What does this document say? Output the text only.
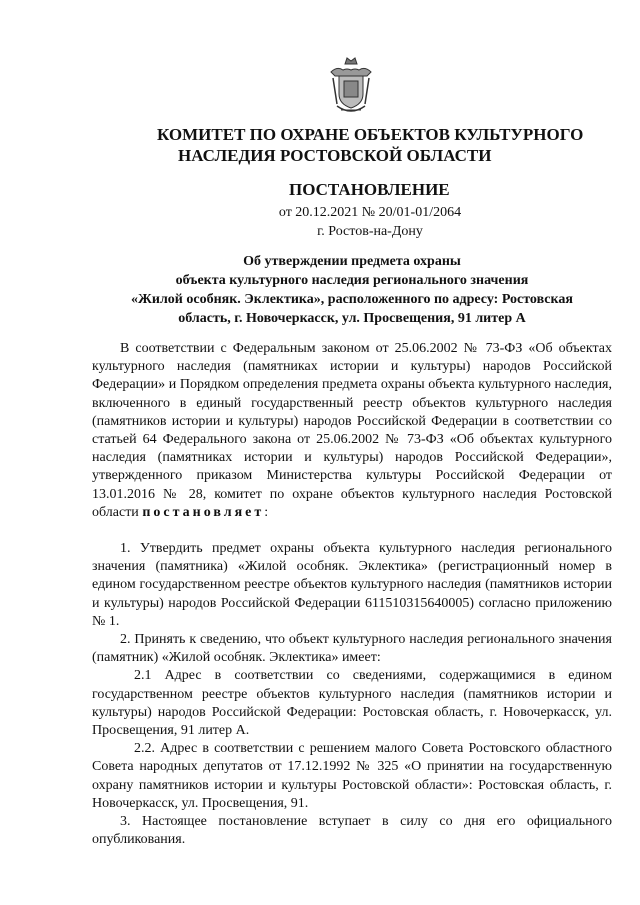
КОМИТЕТ ПО ОХРАНЕ ОБЪЕКТОВ КУЛЬТУРНОГО
НАСЛЕДИЯ РОСТОВСКОЙ ОБЛАСТИ
ПОСТАНОВЛЕНИЕ
от 20.12.2021 № 20/01-01/2064
г. Ростов-на-Дону
Об утверждении предмета охраны
объекта культурного наследия регионального значения
«Жилой особняк. Эклектика», расположенного по адресу: Ростовская
область, г. Новочеркасск, ул. Просвещения, 91 литер А

В соответствии с Федеральным законом от 25.06.2002 № 73-ФЗ «Об объектах культурного наследия (памятниках истории и культуры) народов Российской Федерации» и Порядком определения предмета охраны объекта культурного наследия, включенного в единый государственный реестр объектов культурного наследия (памятников истории и культуры) народов Российской Федерации в соответствии со статьей 64 Федерального закона от 25.06.2002 № 73-ФЗ «Об объектах культурного наследия (памятниках истории и культуры) народов Российской Федерации», утвержденного приказом Министерства культуры Российской Федерации от 13.01.2016 № 28, комитет по охране объектов культурного наследия Ростовской области постановляет:

1. Утвердить предмет охраны объекта культурного наследия регионального значения (памятника) «Жилой особняк. Эклектика» (регистрационный номер в едином государственном реестре объектов культурного наследия (памятников истории и культуры) народов Российской Федерации 611510315640005) согласно приложению № 1.

2. Принять к сведению, что объект культурного наследия регионального значения (памятник) «Жилой особняк. Эклектика» имеет:

2.1 Адрес в соответствии со сведениями, содержащимися в едином государственном реестре объектов культурного наследия (памятников истории и культуры) народов Российской Федерации: Ростовская область, г. Новочеркасск, ул. Просвещения, 91 литер А.

2.2. Адрес в соответствии с решением малого Совета Ростовского областного Совета народных депутатов от 17.12.1992 № 325 «О принятии на государственную охрану памятников истории и культуры Ростовской области»: Ростовская область, г. Новочеркасск, ул. Просвещения, 91.

3. Настоящее постановление вступает в силу со дня его официального опубликования.
